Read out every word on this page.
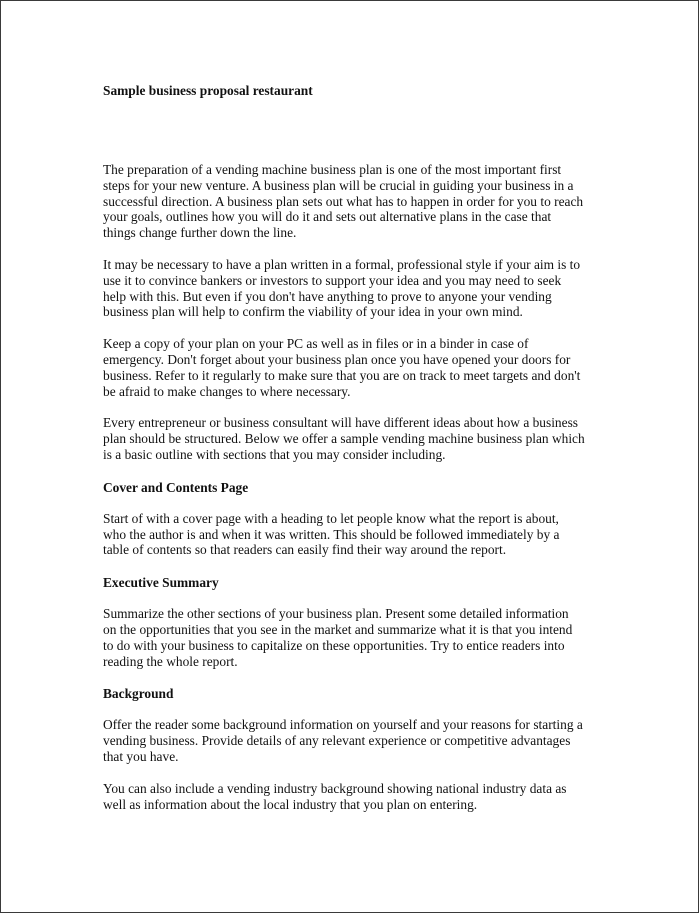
Sample business proposal restaurant
The preparation of a vending machine business plan is one of the most important first
steps for your new venture. A business plan will be crucial in guiding your business in a
successful direction. A business plan sets out what has to happen in order for you to reach
your goals, outlines how you will do it and sets out alternative plans in the case that
things change further down the line.
It may be necessary to have a plan written in a formal, professional style if your aim is to
use it to convince bankers or investors to support your idea and you may need to seek
help with this. But even if you don't have anything to prove to anyone your vending
business plan will help to confirm the viability of your idea in your own mind.
Keep a copy of your plan on your PC as well as in files or in a binder in case of
emergency. Don't forget about your business plan once you have opened your doors for
business. Refer to it regularly to make sure that you are on track to meet targets and don't
be afraid to make changes to where necessary.
Every entrepreneur or business consultant will have different ideas about how a business
plan should be structured. Below we offer a sample vending machine business plan which
is a basic outline with sections that you may consider including.
Cover and Contents Page
Start of with a cover page with a heading to let people know what the report is about,
who the author is and when it was written. This should be followed immediately by a
table of contents so that readers can easily find their way around the report.
Executive Summary
Summarize the other sections of your business plan. Present some detailed information
on the opportunities that you see in the market and summarize what it is that you intend
to do with your business to capitalize on these opportunities. Try to entice readers into
reading the whole report.
Background
Offer the reader some background information on yourself and your reasons for starting a
vending business. Provide details of any relevant experience or competitive advantages
that you have.
You can also include a vending industry background showing national industry data as
well as information about the local industry that you plan on entering.
